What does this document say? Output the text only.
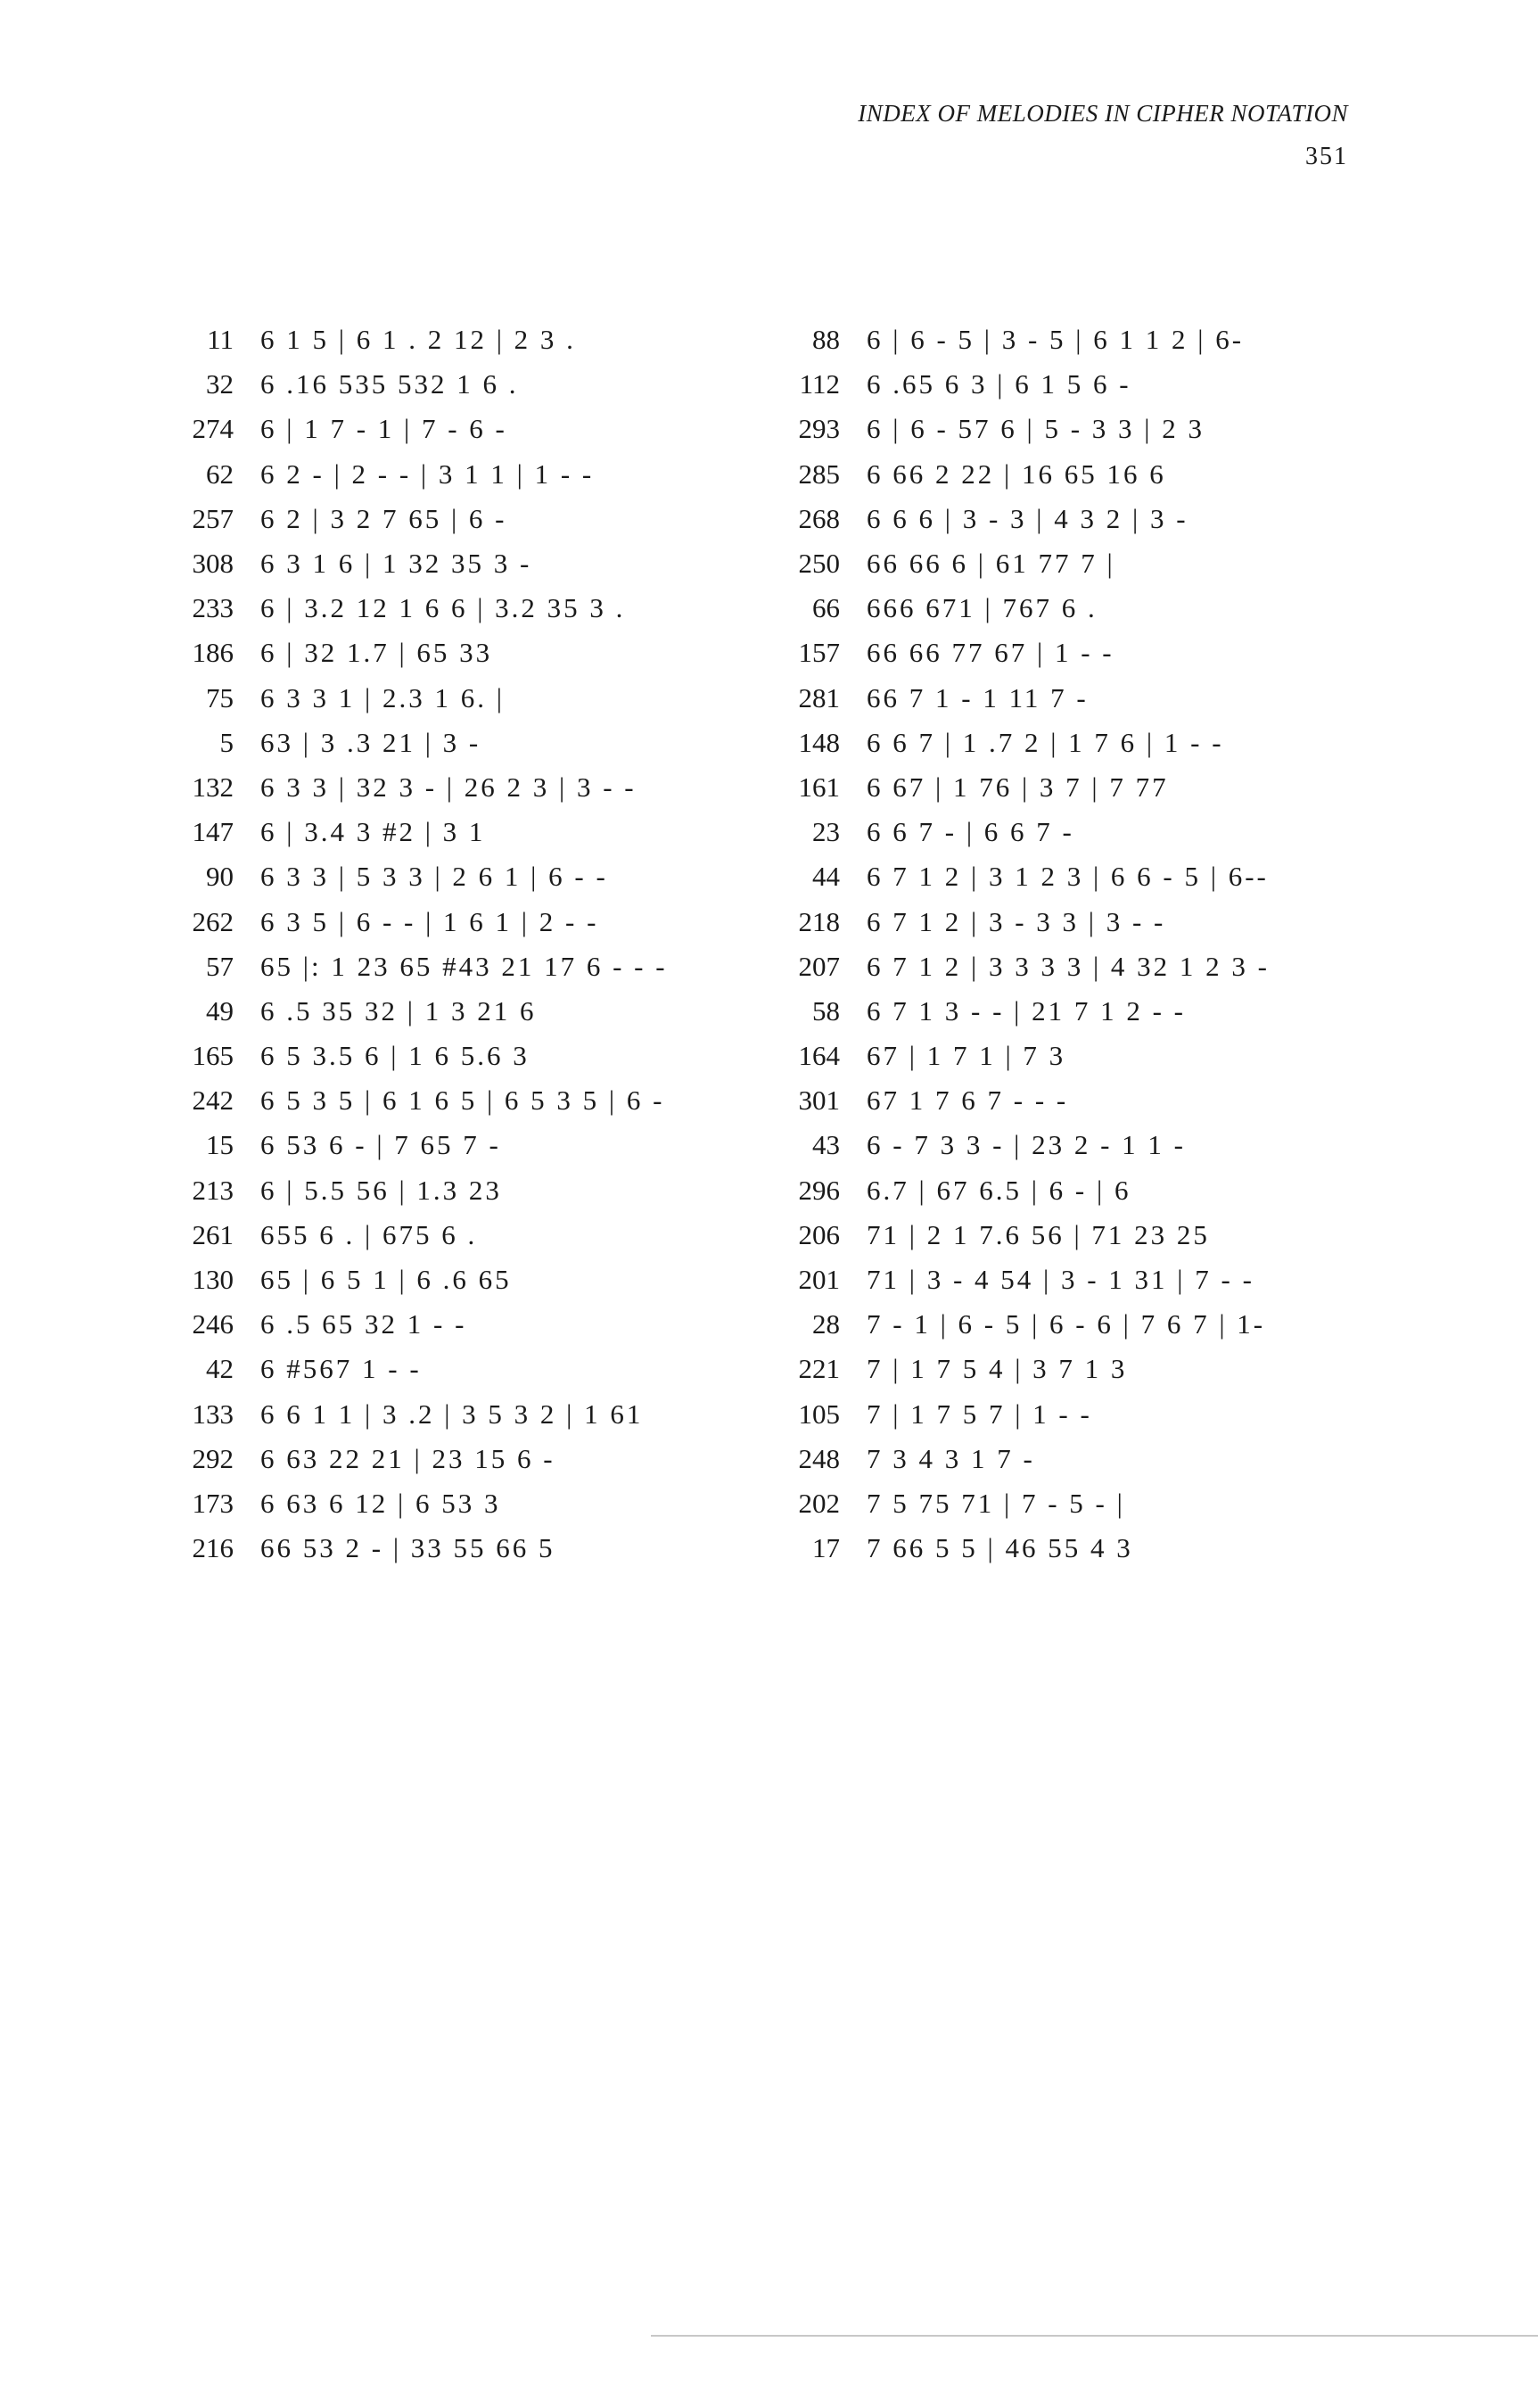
INDEX OF MELODIES IN CIPHER NOTATION
351
11 6 1 5 | 6 1 . 2 12 | 2 3 .
32 6 .16 535 532 1 6 .
274 6 | 1 7 - 1 | 7 - 6 -
62 6 2 - | 2 - - | 3 1 1 | 1 - -
257 6 2 | 3 2 7 65 | 6 -
308 6 3 1 6 | 1 32 35 3 -
233 6 | 3.2 12 1 6 6 | 3.2 35 3 .
186 6 | 32 1.7 | 65 33
75 6 3 3 1 | 2.3 1 6. |
5 63 | 3 .3 21 | 3 -
132 6 3 3 | 32 3 - | 26 2 3 | 3 - -
147 6 | 3.4 3 #2 | 3 1
90 6 3 3 | 5 3 3 | 2 6 1 | 6 - -
262 6 3 5 | 6 - - | 1 6 1 | 2 - -
57 65 |: 1 23 65 #43 21 17 6 - - -
49 6 .5 35 32 | 1 3 21 6
165 6 5 3.5 6 | 1 6 5.6 3
242 6 5 3 5 | 6 1 6 5 | 6 5 3 5 | 6 -
15 6 53 6 - | 7 65 7 -
213 6 | 5.5 56 | 1.3 23
261 655 6 . | 675 6 .
130 65 | 6 5 1 | 6 .6 65
246 6 .5 65 32 1 - -
42 6 #567 1 - -
133 6 6 1 1 | 3 .2 | 3 5 3 2 | 1 61
292 6 63 22 21 | 23 15 6 -
173 6 63 6 12 | 6 53 3
216 66 53 2 - | 33 55 66 5
88 6 | 6 - 5 | 3 - 5 | 6 1 1 2 | 6-
112 6 .65 6 3 | 6 1 5 6 -
293 6 | 6 - 57 6 | 5 - 3 3 | 2 3
285 6 66 2 22 | 16 65 16 6
268 6 6 6 | 3 - 3 | 4 3 2 | 3 -
250 66 66 6 | 61 77 7 |
66 666 671 | 767 6 .
157 66 66 77 67 | 1 - -
281 66 7 1 - 1 11 7 -
148 6 6 7 | 1 .7 2 | 1 7 6 | 1 - -
161 6 67 | 1 76 | 3 7 | 7 77
23 6 6 7 - | 6 6 7 -
44 6 7 1 2 | 3 1 2 3 | 6 6 - 5 | 6--
218 6 7 1 2 | 3 - 3 3 | 3 - -
207 6 7 1 2 | 3 3 3 3 | 4 32 1 2 3 -
58 6 7 1 3 - - | 21 7 1 2 - -
164 67 | 1 7 1 | 7 3
301 67 1 7 6 7 - - -
43 6 - 7 3 3 - | 23 2 - 1 1 -
296 6.7 | 67 6.5 | 6 - | 6
206 71 | 2 1 7.6 56 | 71 23 25
201 71 | 3 - 4 54 | 3 - 1 31 | 7 - -
28 7 - 1 | 6 - 5 | 6 - 6 | 7 6 7 | 1-
221 7 | 1 7 5 4 | 3 7 1 3
105 7 | 1 7 5 7 | 1 - -
248 7 3 4 3 1 7 -
202 7 5 75 71 | 7 - 5 - |
17 7 66 5 5 | 46 55 4 3
